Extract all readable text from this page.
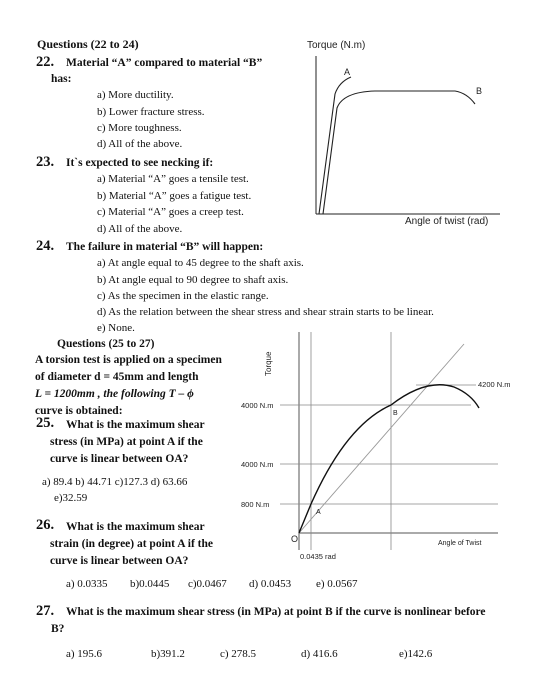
Questions (22 to 24)
22. Material “A” compared to material “B”
has:
a) More ductility.
b) Lower fracture stress.
c) More toughness.
d) All of the above.
23. It`s expected to see necking if:
a) Material “A” goes a tensile test.
b) Material “A” goes a fatigue test.
c) Material “A” goes a creep test.
d) All of the above.
24. The failure in material “B” will happen:
a) At angle equal to 45 degree to the shaft axis.
b) At angle equal to 90 degree to shaft axis.
c) As the specimen in the elastic range.
d) As the relation between the shear stress and shear strain starts to be linear.
e) None.
Torque (N.m)
A
B
Angle of twist (rad)
Questions (25 to 27)
A torsion test is applied on a specimen
of diameter d = 45mm and length
L = 1200mm , the following T – ϕ
curve is obtained:
25. What is the maximum shear
stress (in MPa) at point A if the
curve is linear between OA?
a) 89.4 b) 44.71 c)127.3 d) 63.66
e)32.59
26. What is the maximum shear
strain (in degree) at point A if the
curve is linear between OA?
a) 0.0335 b)0.0445 c)0.0467 d) 0.0453 e) 0.0567
27. What is the maximum shear stress (in MPa) at point B if the curve is nonlinear before
B?
a) 195.6	b)391.2	c) 278.5	d) 416.6	e)142.6
Torque
4000 N.m
4000 N.m
800 N.m
4200 N.m
O
A
B
0.0435 rad
Angle of Twist
